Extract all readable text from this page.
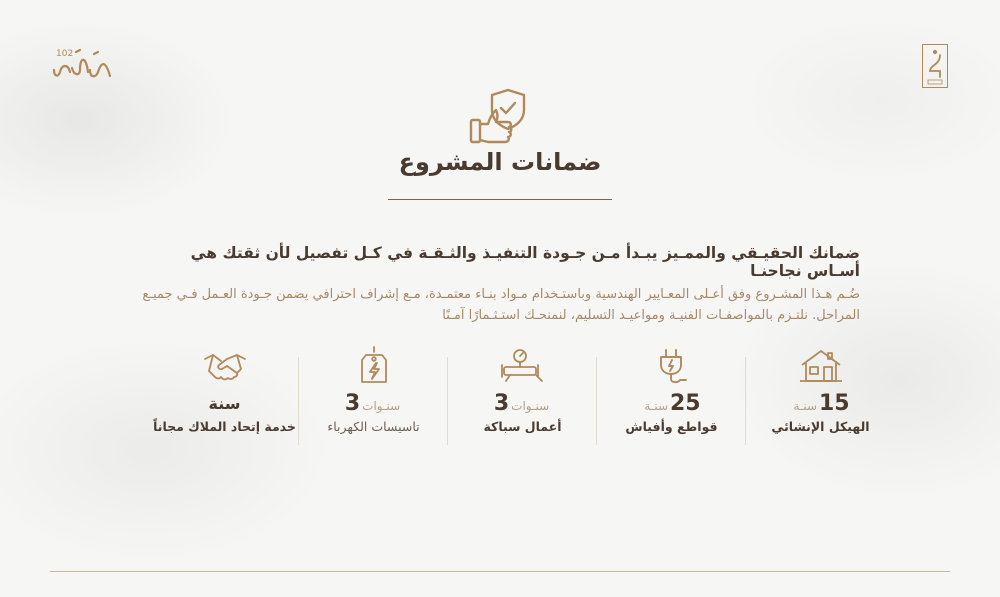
102
ضمانات المشروع

ضمانك الحقيـقي والممـيز يبـدأ مـن جـودة التنفيـذ والثـقـة في كـل تفصيل لأن ثقتك هي أسـاس نجاحنـا

ضُـم هـذا المشـروع وفق أعـلى المعـايير الهندسية وباستـخدام مـواد بنـاء معتمـدة، مـع إشراف احترافي يضمن جـودة العـمل فـي جميـع المراحل. نلتـزم بالمواصفـات الفنيـة ومواعيـد التسليم، لنمنحـك استـثـمارًا آمـنًا

15سنـة
الهيكل الإنشائي
25سنـة
قواطع وأفياش
سنـوات3
أعمال سباكة
سنـوات3
تاسيسات الكهرباء
سنة
خدمة إتحاد الملاك مجاناً
